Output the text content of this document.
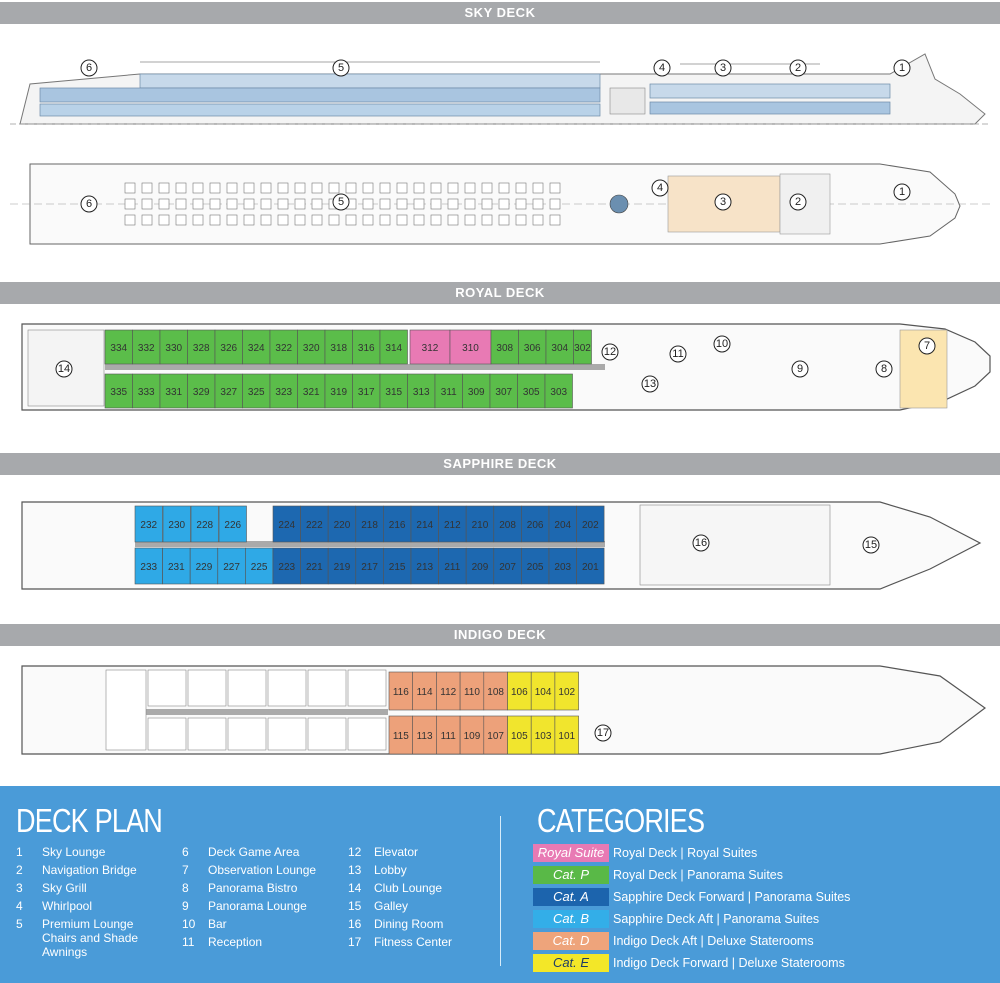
SKY DECK
6	5	4	3	2	1
6	5
4
3	2
1
ROYAL DECK
334 332 330 328 326 324 322 320 318 316 314 312 310 308 306 304 302
335 333 331 329 327 325 323 321 319 317 315 313 311 309 307 305 303
14
12	11
10
13
9	8
7
SAPPHIRE DECK
232 230 228 226	224 222 220 218 216 214 212 210 208 206 204 202
233 231 229 227 225 223 221 219 217 215 213 211 209 207 205 203 201
16	15
INDIGO DECK
116 114 112 110 108 106 104 102
115 113 111 109 107 105 103 101 17
DECK PLAN
1	Sky Lounge
2	Navigation Bridge
3	Sky Grill
4	Whirlpool
5	Premium Lounge Chairs and Shade Awnings
6	Deck Game Area
7	Observation Lounge
8	Panorama Bistro
9	Panorama Lounge
10	Bar
11	Reception
12	Elevator
13	Lobby
14	Club Lounge
15	Galley
16	Dining Room
17	Fitness Center
CATEGORIES
Royal Suite Royal Deck | Royal Suites
Cat. P	Royal Deck | Panorama Suites
Cat. A	Sapphire Deck Forward | Panorama Suites
Cat. B	Sapphire Deck Aft | Panorama Suites
Cat. D	Indigo Deck Aft | Deluxe Staterooms
Cat. E	Indigo Deck Forward | Deluxe Staterooms
